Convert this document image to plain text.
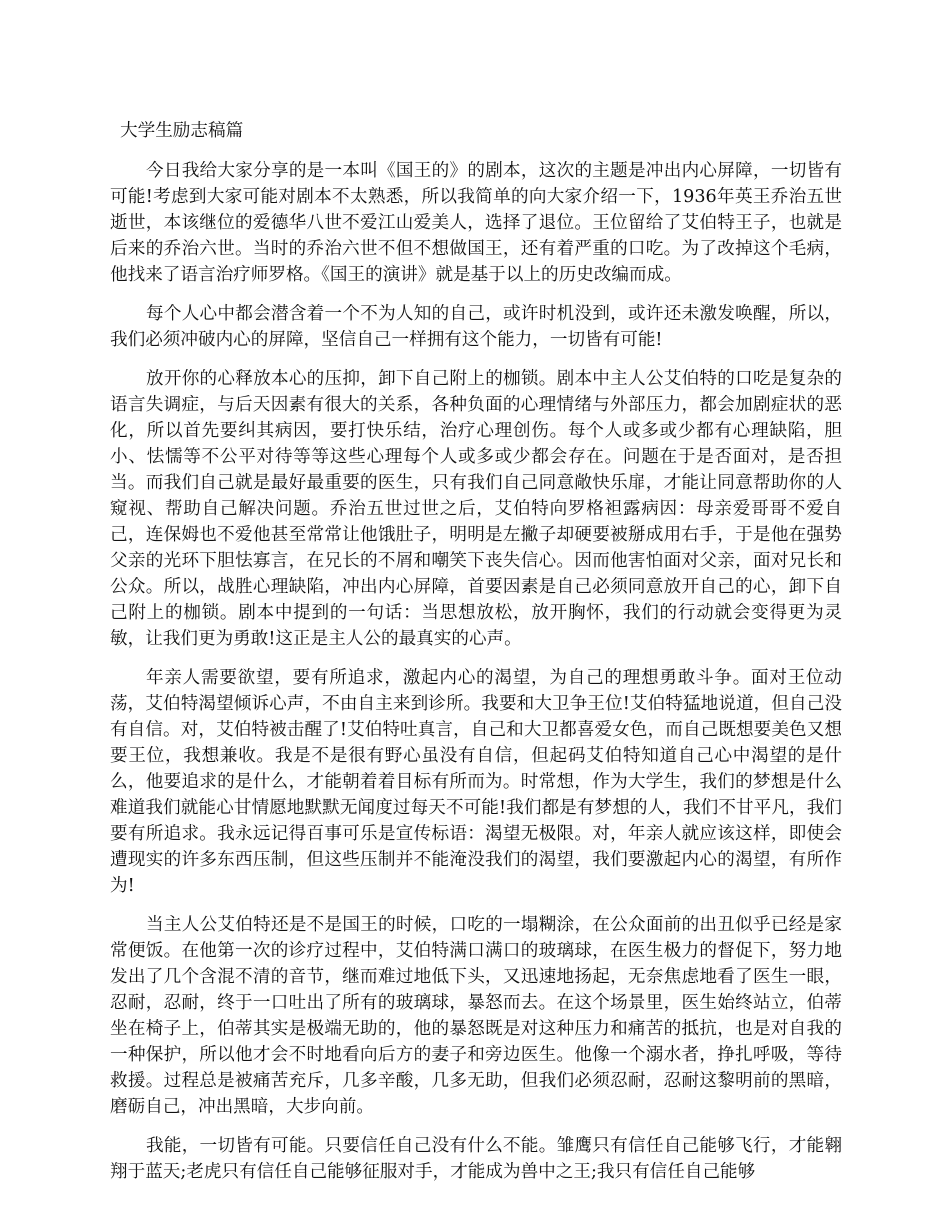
大学生励志稿篇

今日我给大家分享的是一本叫《国王的》的剧本，这次的主题是冲出内心屏障，一切皆有可能!考虑到大家可能对剧本不太熟悉，所以我简单的向大家介绍一下，1936年英王乔治五世逝世，本该继位的爱德华八世不爱江山爱美人，选择了退位。王位留给了艾伯特王子，也就是后来的乔治六世。当时的乔治六世不但不想做国王，还有着严重的口吃。为了改掉这个毛病，他找来了语言治疗师罗格。《国王的演讲》就是基于以上的历史改编而成。

每个人心中都会潜含着一个不为人知的自己，或许时机没到，或许还未激发唤醒，所以，我们必须冲破内心的屏障，坚信自己一样拥有这个能力，一切皆有可能!

放开你的心释放本心的压抑，卸下自己附上的枷锁。剧本中主人公艾伯特的口吃是复杂的语言失调症，与后天因素有很大的关系，各种负面的心理情绪与外部压力，都会加剧症状的恶化，所以首先要纠其病因，要打快乐结，治疗心理创伤。每个人或多或少都有心理缺陷，胆小、怯懦等不公平对待等等这些心理每个人或多或少都会存在。问题在于是否面对，是否担当。而我们自己就是最好最重要的医生，只有我们自己同意敞快乐扉，才能让同意帮助你的人窥视、帮助自己解决问题。乔治五世过世之后，艾伯特向罗格袒露病因：母亲爱哥哥不爱自己，连保姆也不爱他甚至常常让他饿肚子，明明是左撇子却硬要被掰成用右手，于是他在强势父亲的光环下胆怯寡言，在兄长的不屑和嘲笑下丧失信心。因而他害怕面对父亲，面对兄长和公众。所以，战胜心理缺陷，冲出内心屏障，首要因素是自己必须同意放开自己的心，卸下自己附上的枷锁。剧本中提到的一句话：当思想放松，放开胸怀，我们的行动就会变得更为灵敏，让我们更为勇敢!这正是主人公的最真实的心声。

年亲人需要欲望，要有所追求，激起内心的渴望，为自己的理想勇敢斗争。面对王位动荡，艾伯特渴望倾诉心声，不由自主来到诊所。我要和大卫争王位!艾伯特猛地说道，但自己没有自信。对，艾伯特被击醒了!艾伯特吐真言，自己和大卫都喜爱女色，而自己既想要美色又想要王位，我想兼收。我是不是很有野心虽没有自信，但起码艾伯特知道自己心中渴望的是什么，他要追求的是什么，才能朝着着目标有所而为。时常想，作为大学生，我们的梦想是什么难道我们就能心甘情愿地默默无闻度过每天不可能!我们都是有梦想的人，我们不甘平凡，我们要有所追求。我永远记得百事可乐是宣传标语：渴望无极限。对，年亲人就应该这样，即使会遭现实的许多东西压制，但这些压制并不能淹没我们的渴望，我们要激起内心的渴望，有所作为!

当主人公艾伯特还是不是国王的时候，口吃的一塌糊涂，在公众面前的出丑似乎已经是家常便饭。在他第一次的诊疗过程中，艾伯特满口满口的玻璃球，在医生极力的督促下，努力地发出了几个含混不清的音节，继而难过地低下头，又迅速地扬起，无奈焦虑地看了医生一眼，忍耐，忍耐，终于一口吐出了所有的玻璃球，暴怒而去。在这个场景里，医生始终站立，伯蒂坐在椅子上，伯蒂其实是极端无助的，他的暴怒既是对这种压力和痛苦的抵抗，也是对自我的一种保护，所以他才会不时地看向后方的妻子和旁边医生。他像一个溺水者，挣扎呼吸，等待 救援。过程总是被痛苦充斥，几多辛酸，几多无助，但我们必须忍耐，忍耐这黎明前的黑暗，磨砺自己，冲出黑暗，大步向前。

我能，一切皆有可能。只要信任自己没有什么不能。雏鹰只有信任自己能够飞行，才能翱翔于蓝天;老虎只有信任自己能够征服对手，才能成为兽中之王;我只有信任自己能够
